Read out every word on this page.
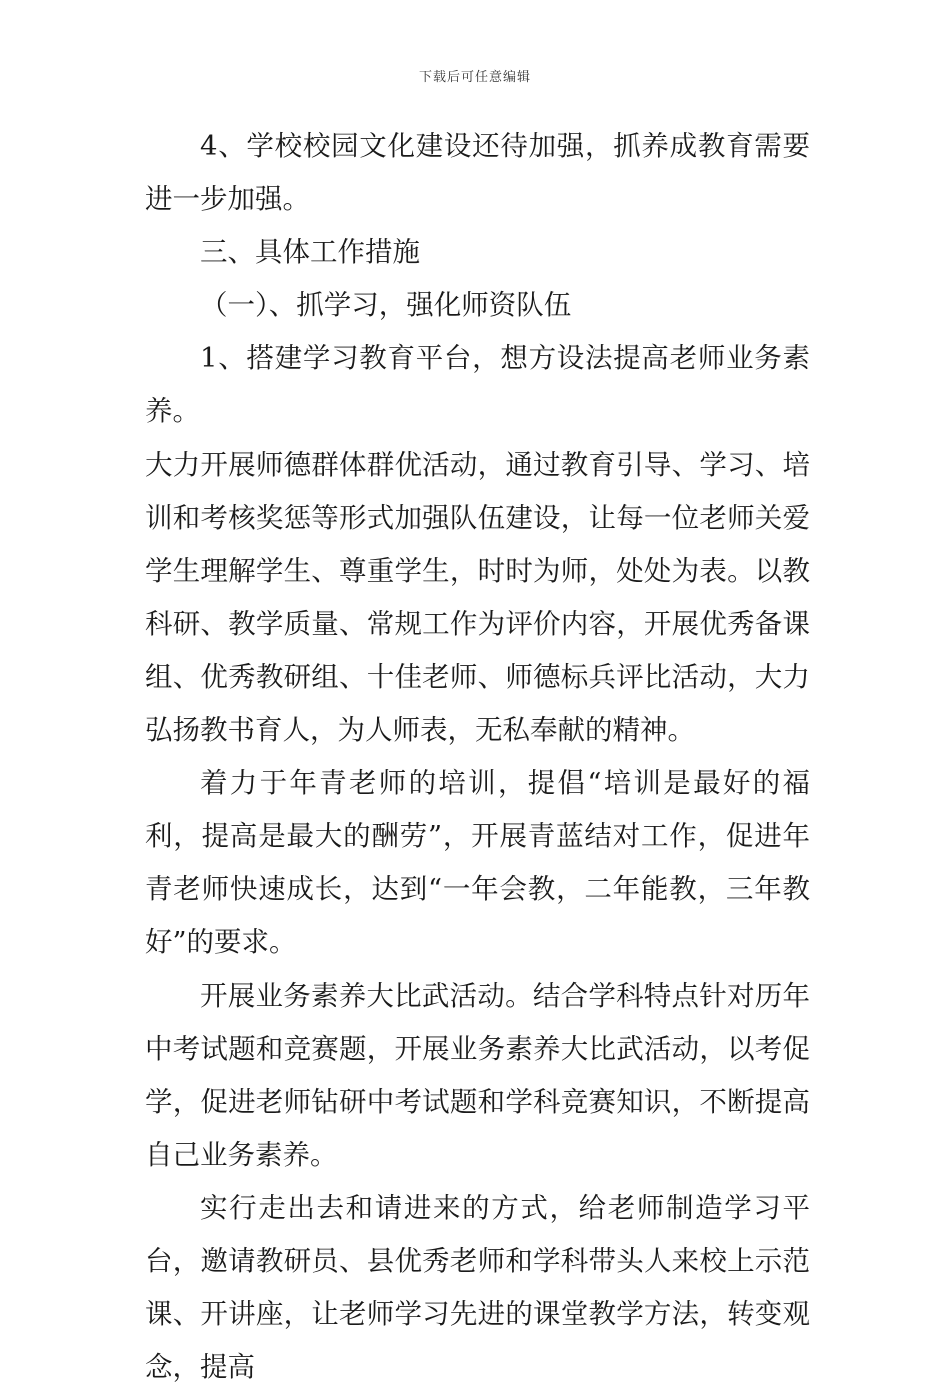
下载后可任意编辑

4、学校校园文化建设还待加强，抓养成教育需要进一步加强。

三、具体工作措施

（一）、抓学习，强化师资队伍

1、搭建学习教育平台，想方设法提高老师业务素养。

大力开展师德群体群优活动，通过教育引导、学习、培训和考核奖惩等形式加强队伍建设，让每一位老师关爱学生理解学生、尊重学生，时时为师，处处为表。以教科研、教学质量、常规工作为评价内容，开展优秀备课组、优秀教研组、十佳老师、师德标兵评比活动，大力弘扬教书育人，为人师表，无私奉献的精神。

着力于年青老师的培训，提倡“培训是最好的福利，提高是最大的酬劳”，开展青蓝结对工作，促进年青老师快速成长，达到“一年会教，二年能教，三年教好”的要求。

开展业务素养大比武活动。结合学科特点针对历年中考试题和竞赛题，开展业务素养大比武活动，以考促学，促进老师钻研中考试题和学科竞赛知识，不断提高自己业务素养。

实行走出去和请进来的方式，给老师制造学习平台，邀请教研员、县优秀老师和学科带头人来校上示范课、开讲座，让老师学习先进的课堂教学方法，转变观念，提高
